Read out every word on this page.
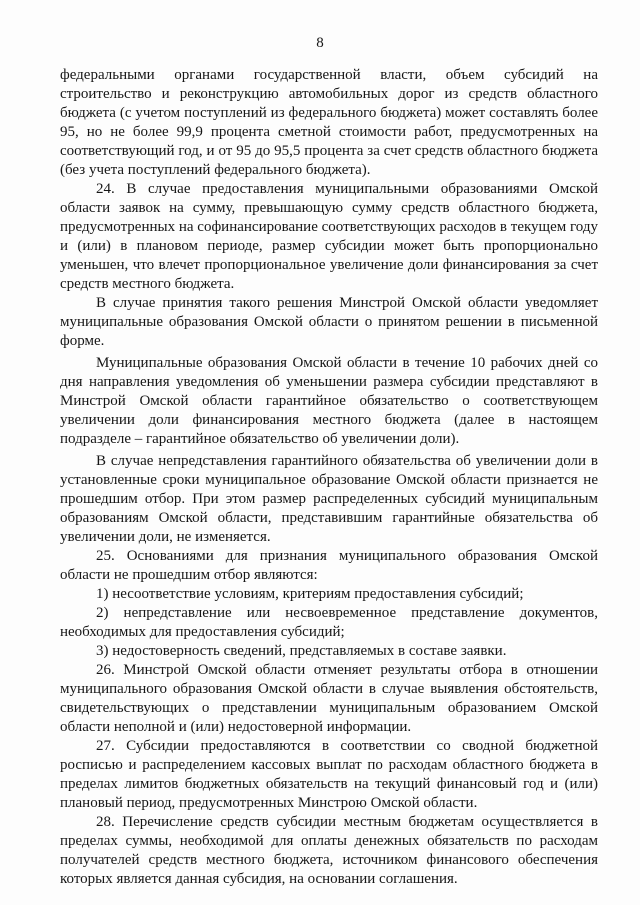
8

федеральными органами государственной власти, объем субсидий на строительство и реконструкцию автомобильных дорог из средств областного бюджета (с учетом поступлений из федерального бюджета) может составлять более 95, но не более 99,9 процента сметной стоимости работ, предусмотренных на соответствующий год, и от 95 до 95,5 процента за счет средств областного бюджета (без учета поступлений федерального бюджета).

24. В случае предоставления муниципальными образованиями Омской области заявок на сумму, превышающую сумму средств областного бюджета, предусмотренных на софинансирование соответствующих расходов в текущем году и (или) в плановом периоде, размер субсидии может быть пропорционально уменьшен, что влечет пропорциональное увеличение доли финансирования за счет средств местного бюджета.

В случае принятия такого решения Минстрой Омской области уведомляет муниципальные образования Омской области о принятом решении в письменной форме.

Муниципальные образования Омской области в течение 10 рабочих дней со дня направления уведомления об уменьшении размера субсидии представляют в Минстрой Омской области гарантийное обязательство о соответствующем увеличении доли финансирования местного бюджета (далее в настоящем подразделе – гарантийное обязательство об увеличении доли).

В случае непредставления гарантийного обязательства об увеличении доли в установленные сроки муниципальное образование Омской области признается не прошедшим отбор. При этом размер распределенных субсидий муниципальным образованиям Омской области, представившим гарантийные обязательства об увеличении доли, не изменяется.

25. Основаниями для признания муниципального образования Омской области не прошедшим отбор являются:

1) несоответствие условиям, критериям предоставления субсидий;

2) непредставление или несвоевременное представление документов, необходимых для предоставления субсидий;

3) недостоверность сведений, представляемых в составе заявки.

26. Минстрой Омской области отменяет результаты отбора в отношении муниципального образования Омской области в случае выявления обстоятельств, свидетельствующих о представлении муниципальным образованием Омской области неполной и (или) недостоверной информации.

27. Субсидии предоставляются в соответствии со сводной бюджетной росписью и распределением кассовых выплат по расходам областного бюджета в пределах лимитов бюджетных обязательств на текущий финансовый год и (или) плановый период, предусмотренных Минстрою Омской области.

28. Перечисление средств субсидии местным бюджетам осуществляется в пределах суммы, необходимой для оплаты денежных обязательств по расходам получателей средств местного бюджета, источником финансового обеспечения которых является данная субсидия, на основании соглашения.
